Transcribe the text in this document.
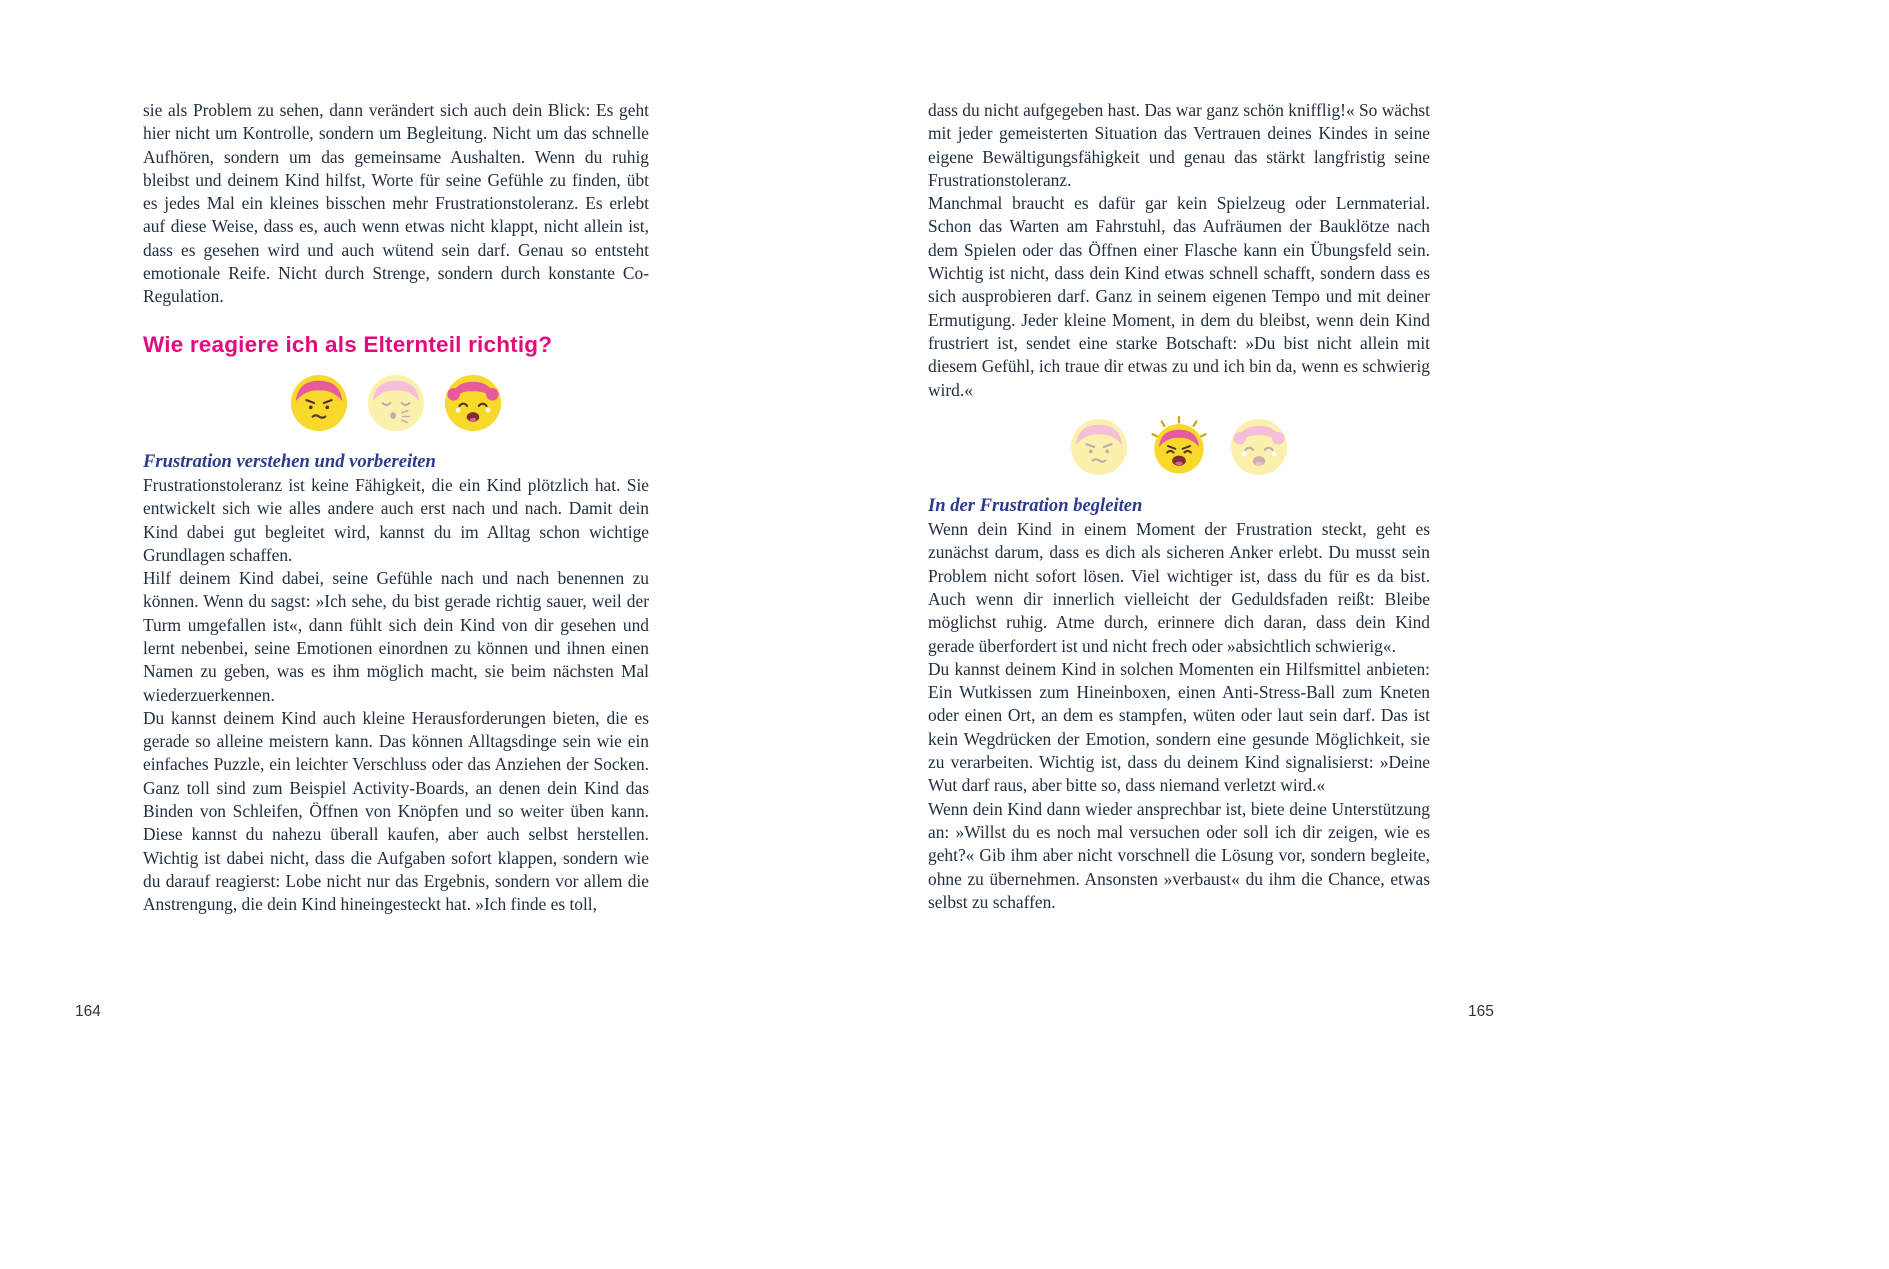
sie als Problem zu sehen, dann verändert sich auch dein Blick: Es geht hier nicht um Kontrolle, sondern um Begleitung. Nicht um das schnelle Aufhören, sondern um das gemeinsame Aushalten. Wenn du ruhig bleibst und deinem Kind hilfst, Worte für seine Gefühle zu finden, übt es jedes Mal ein kleines bisschen mehr Frustrationstoleranz. Es erlebt auf diese Weise, dass es, auch wenn etwas nicht klappt, nicht allein ist, dass es gesehen wird und auch wütend sein darf. Genau so entsteht emotionale Reife. Nicht durch Strenge, sondern durch konstante Co-Regulation.

Wie reagiere ich als Elternteil richtig?
Frustration verstehen und vorbereiten

Frustrationstoleranz ist keine Fähigkeit, die ein Kind plötzlich hat. Sie entwickelt sich wie alles andere auch erst nach und nach. Damit dein Kind dabei gut begleitet wird, kannst du im Alltag schon wichtige Grundlagen schaffen.

Hilf deinem Kind dabei, seine Gefühle nach und nach benennen zu können. Wenn du sagst: »Ich sehe, du bist gerade richtig sauer, weil der Turm umgefallen ist«, dann fühlt sich dein Kind von dir gesehen und lernt nebenbei, seine Emotionen einordnen zu können und ihnen einen Namen zu geben, was es ihm möglich macht, sie beim nächsten Mal wiederzuerkennen.

Du kannst deinem Kind auch kleine Herausforderungen bieten, die es gerade so alleine meistern kann. Das können Alltagsdinge sein wie ein einfaches Puzzle, ein leichter Verschluss oder das Anziehen der Socken. Ganz toll sind zum Beispiel Activity-Boards, an denen dein Kind das Binden von Schleifen, Öffnen von Knöpfen und so weiter üben kann. Diese kannst du nahezu überall kaufen, aber auch selbst herstellen. Wichtig ist dabei nicht, dass die Aufgaben sofort klappen, sondern wie du darauf reagierst: Lobe nicht nur das Ergebnis, sondern vor allem die Anstrengung, die dein Kind hineingesteckt hat. »Ich finde es toll,

dass du nicht aufgegeben hast. Das war ganz schön knifflig!« So wächst mit jeder gemeisterten Situation das Vertrauen deines Kindes in seine eigene Bewältigungsfähigkeit und genau das stärkt langfristig seine Frustrationstoleranz.

Manchmal braucht es dafür gar kein Spielzeug oder Lernmaterial. Schon das Warten am Fahrstuhl, das Aufräumen der Bauklötze nach dem Spielen oder das Öffnen einer Flasche kann ein Übungsfeld sein. Wichtig ist nicht, dass dein Kind etwas schnell schafft, sondern dass es sich ausprobieren darf. Ganz in seinem eigenen Tempo und mit deiner Ermutigung. Jeder kleine Moment, in dem du bleibst, wenn dein Kind frustriert ist, sendet eine starke Botschaft: »Du bist nicht allein mit diesem Gefühl, ich traue dir etwas zu und ich bin da, wenn es schwierig wird.«

In der Frustration begleiten

Wenn dein Kind in einem Moment der Frustration steckt, geht es zunächst darum, dass es dich als sicheren Anker erlebt. Du musst sein Problem nicht sofort lösen. Viel wichtiger ist, dass du für es da bist. Auch wenn dir innerlich vielleicht der Geduldsfaden reißt: Bleibe möglichst ruhig. Atme durch, erinnere dich daran, dass dein Kind gerade überfordert ist und nicht frech oder »absichtlich schwierig«.

Du kannst deinem Kind in solchen Momenten ein Hilfsmittel anbieten: Ein Wutkissen zum Hineinboxen, einen Anti-Stress-Ball zum Kneten oder einen Ort, an dem es stampfen, wüten oder laut sein darf. Das ist kein Wegdrücken der Emotion, sondern eine gesunde Möglichkeit, sie zu verarbeiten. Wichtig ist, dass du deinem Kind signalisierst: »Deine Wut darf raus, aber bitte so, dass niemand verletzt wird.«

Wenn dein Kind dann wieder ansprechbar ist, biete deine Unterstützung an: »Willst du es noch mal versuchen oder soll ich dir zeigen, wie es geht?« Gib ihm aber nicht vorschnell die Lösung vor, sondern begleite, ohne zu übernehmen. Ansonsten »verbaust« du ihm die Chance, etwas selbst zu schaffen.

164	165
